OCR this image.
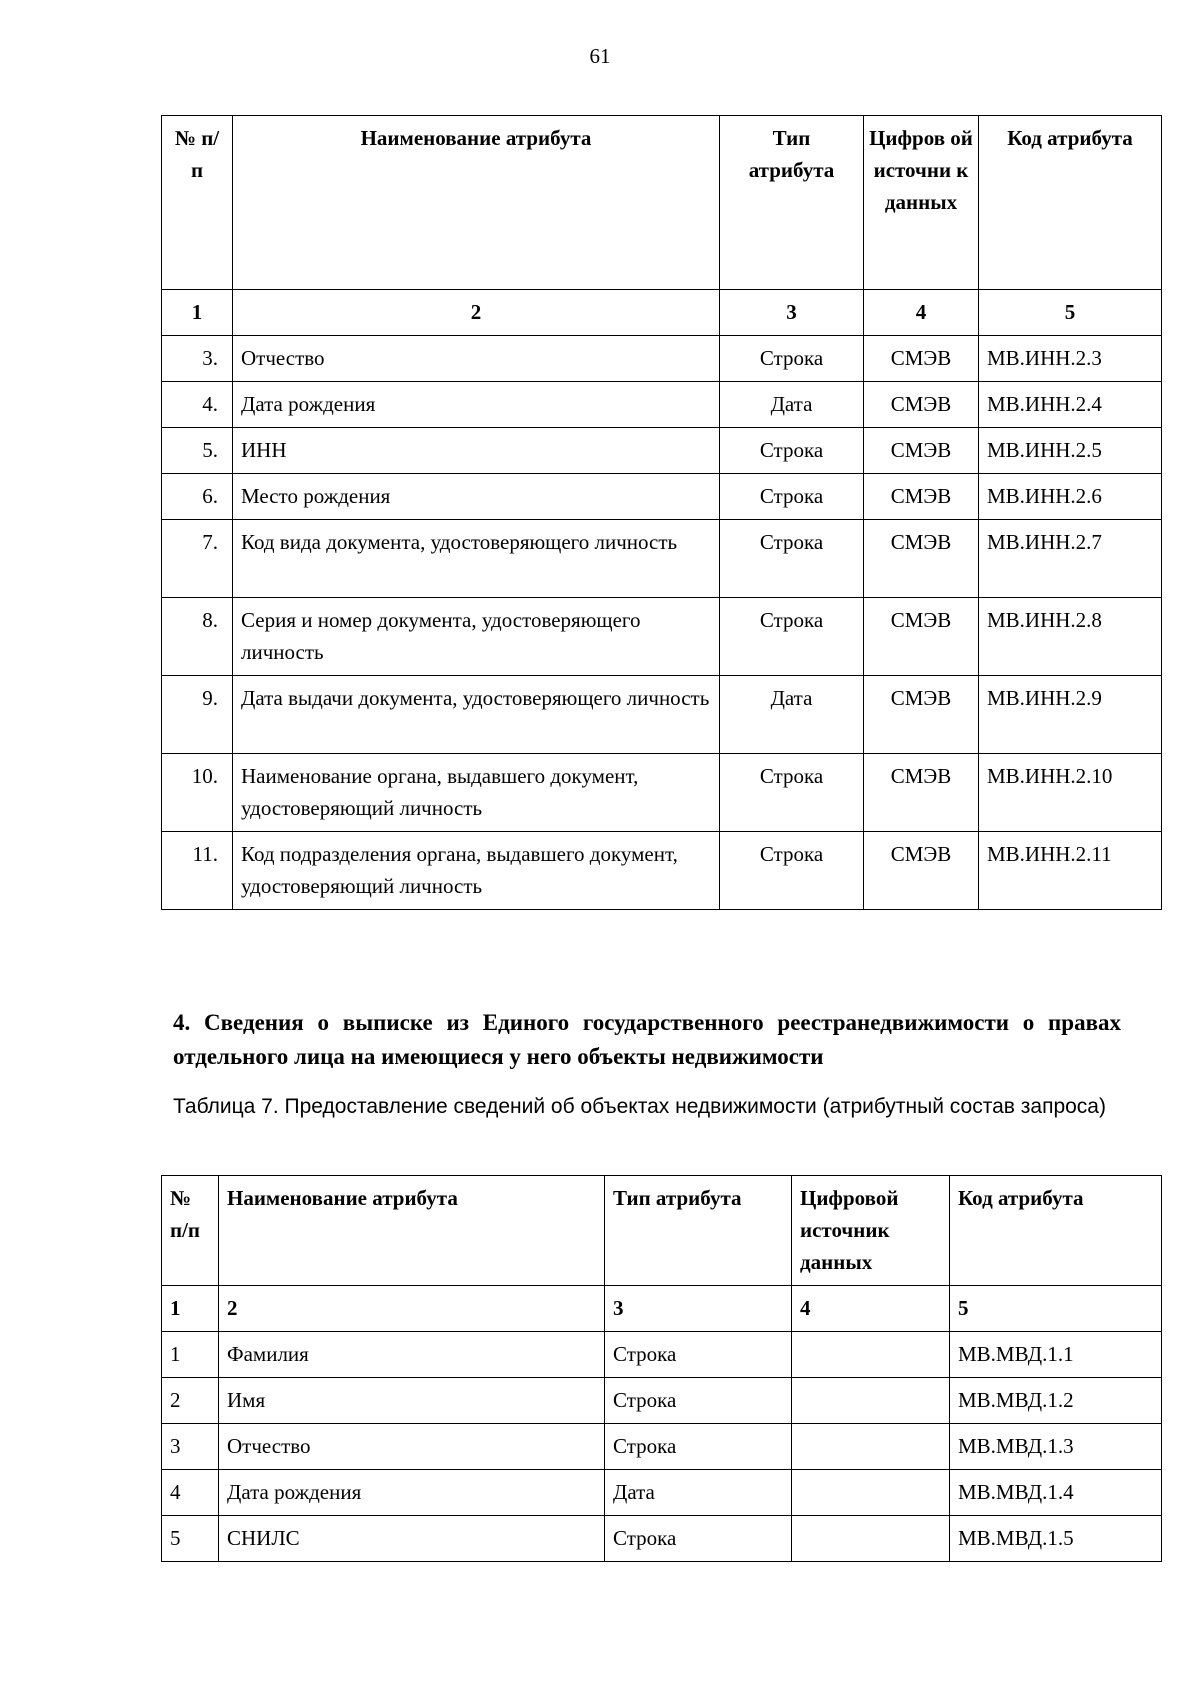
61
№ п/п	Наименование атрибута	Тип атрибута	Цифров ой источни к данных	Код атрибута
1	2	3	4	5
3.	Отчество	Строка	СМЭВ	МВ.ИНН.2.3
4.	Дата рождения	Дата	СМЭВ	МВ.ИНН.2.4
5.	ИНН	Строка	СМЭВ	МВ.ИНН.2.5
6.	Место рождения	Строка	СМЭВ	МВ.ИНН.2.6
7.	Код вида документа, удостоверяющего личность	Строка	СМЭВ	МВ.ИНН.2.7
8.	Серия и номер документа, удостоверяющего личность	Строка	СМЭВ	МВ.ИНН.2.8
9.	Дата выдачи документа, удостоверяющего личность	Дата	СМЭВ	МВ.ИНН.2.9
10.	Наименование органа, выдавшего документ, удостоверяющий личность	Строка	СМЭВ	МВ.ИНН.2.10
11.	Код подразделения органа, выдавшего документ, удостоверяющий личность	Строка	СМЭВ	МВ.ИНН.2.11
4. Сведения о выписке из Единого государственного реестранедвижимости о правах отдельного лица на имеющиеся у него объекты недвижимости
Таблица 7. Предоставление сведений об объектах недвижимости (атрибутный состав запроса)
№ п/п	Наименование атрибута	Тип атрибута	Цифровой источник данных	Код атрибута
1	2	3	4	5
1	Фамилия	Строка		МВ.МВД.1.1
2	Имя	Строка		МВ.МВД.1.2
3	Отчество	Строка		МВ.МВД.1.3
4	Дата рождения	Дата		МВ.МВД.1.4
5	СНИЛС	Строка		МВ.МВД.1.5
